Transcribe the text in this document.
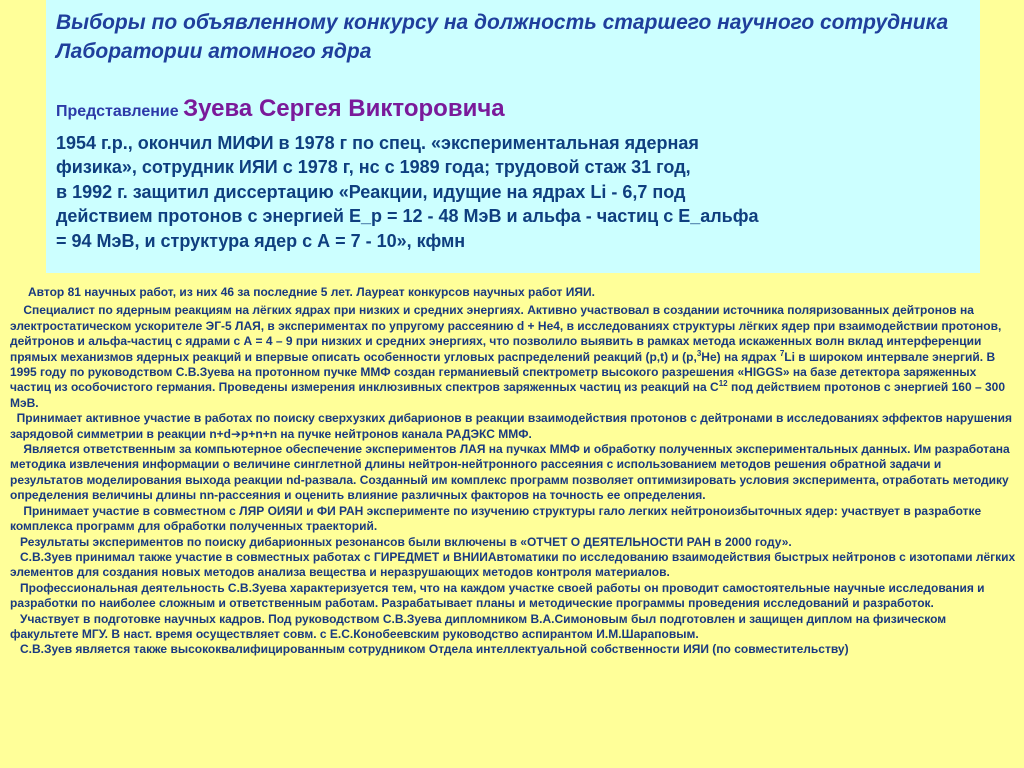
Выборы по объявленному конкурсу на должность старшего научного сотрудника Лаборатории атомного ядра

Представление Зуева Сергея Викторовича

1954 г.р., окончил МИФИ в 1978 г по спец. «экспериментальная ядерная
физика», сотрудник ИЯИ с 1978 г, нс с 1989 года; трудовой стаж 31 год,
в 1992 г. защитил диссертацию «Реакции, идущие на ядрах Li - 6,7 под
действием протонов с энергией E_p = 12 - 48 МэВ и альфа - частиц с E_альфа
= 94 МэВ, и структура ядер с А = 7 - 10», кфмн

Автор 81 научных работ, из них 46 за последние 5 лет. Лауреат конкурсов научных работ ИЯИ.

Специалист по ядерным реакциям на лёгких ядрах при низких и средних энергиях. Активно участвовал в создании источника поляризованных дейтронов на электростатическом ускорителе ЭГ-5 ЛАЯ, в экспериментах по упругому рассеянию d + He4, в исследованиях структуры лёгких ядер при взаимодействии протонов, дейтронов и альфа-частиц с ядрами с А = 4 – 9 при низких и средних энергиях, что позволило выявить в рамках метода искаженных волн вклад интерференции прямых механизмов ядерных реакций и впервые описать особенности угловых распределений реакций (p,t) и (p,$^3$He) на ядрах $^7$Li в широком интервале энергий. В 1995 году по руководством С.В.Зуева на протонном пучке ММФ создан германиевый спектрометр высокого разрешения «HIGGS» на базе детектора заряженных частиц из особочистого германия. Проведены измерения инклюзивных спектров заряженных частиц из реакций на $С^{12}$ под действием протонов с энергией 160 – 300 МэВ.

Принимает активное участие в работах по поиску сверхузких дибарионов в реакции взаимодействия протонов с дейтронами в исследованиях эффектов нарушения зарядовой симметрии в реакции n+d➔p+n+n на пучке нейтронов канала РАДЭКС ММФ.

Является ответственным за компьютерное обеспечение экспериментов ЛАЯ на пучках ММФ и обработку полученных экспериментальных данных. Им разработана методика извлечения информации о величине синглетной длины нейтрон-нейтронного рассеяния с использованием методов решения обратной задачи и результатов моделирования выхода реакции nd-развала. Созданный им комплекс программ позволяет оптимизировать условия эксперимента, отработать методику определения величины длины nn-рассеяния и оценить влияние различных факторов на точность ее определения.

Принимает участие в совместном с ЛЯР ОИЯИ и ФИ РАН эксперименте по изучению структуры гало легких нейтроноизбыточных ядер: участвует в разработке комплекса программ для обработки полученных траекторий.

Результаты экспериментов по поиску дибарионных резонансов были включены в «ОТЧЕТ О ДЕЯТЕЛЬНОСТИ РАН в 2000 году».

С.В.Зуев принимал также участие в совместных работах с ГИРЕДМЕТ и ВНИИАвтоматики по исследованию взаимодействия быстрых нейтронов с изотопами лёгких элементов для создания новых методов анализа вещества и неразрушающих методов контроля материалов.

Профессиональная деятельность С.В.Зуева характеризуется тем, что на каждом участке своей работы он проводит самостоятельные научные исследования и разработки по наиболее сложным и ответственным работам. Разрабатывает планы и методические программы проведения исследований и разработок.

Участвует в подготовке научных кадров. Под руководством С.В.Зуева дипломником В.А.Симоновым был подготовлен и защищен диплом на физическом факультете МГУ. В наст. время осуществляет совм. с Е.С.Конобеевским руководство аспирантом И.М.Шараповым.

С.В.Зуев является также высококвалифицированным сотрудником Отдела интеллектуальной собственности ИЯИ (по совместительству)
